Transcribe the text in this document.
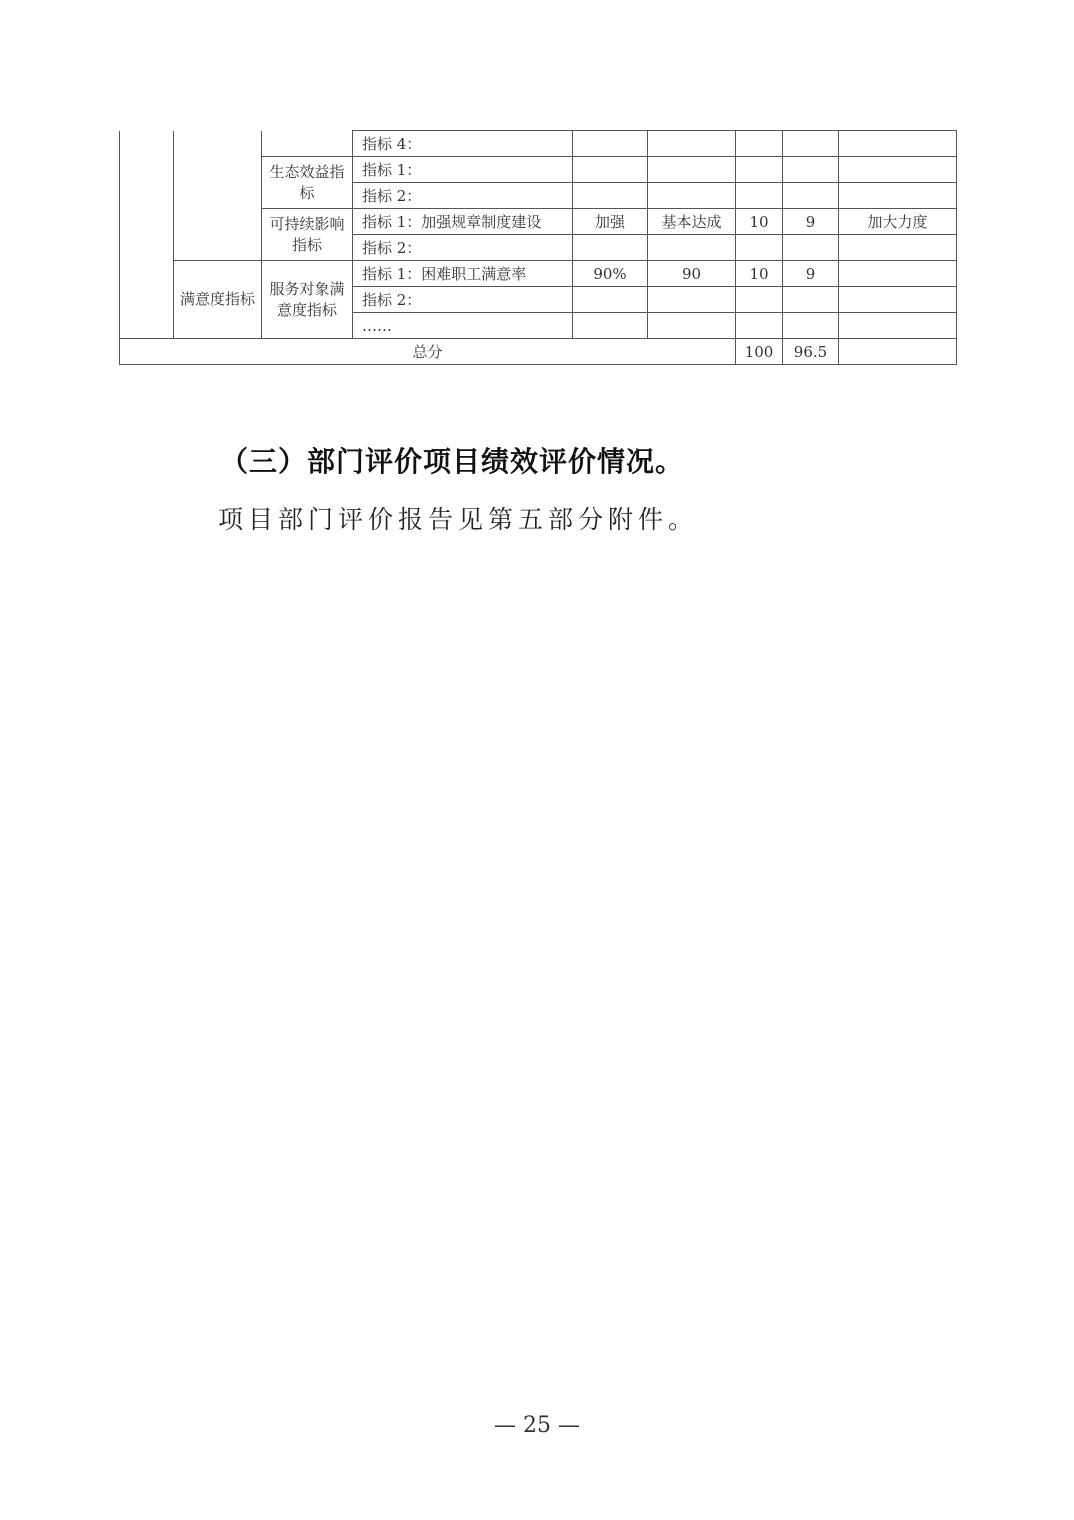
			指标 4：					
		生态效益指标	指标 1：					
			指标 2：					
		可持续影响指标	指标 1：加强规章制度建设	加强	基本达成	10	9	加大力度
			指标 2：					
	满意度指标	服务对象满意度指标	指标 1：困难职工满意率	90%	90	10	9	
			指标 2：					
			……					
总分						100	96.5	
（三）部门评价项目绩效评价情况。

项目部门评价报告见第五部分附件。

— 25 —
